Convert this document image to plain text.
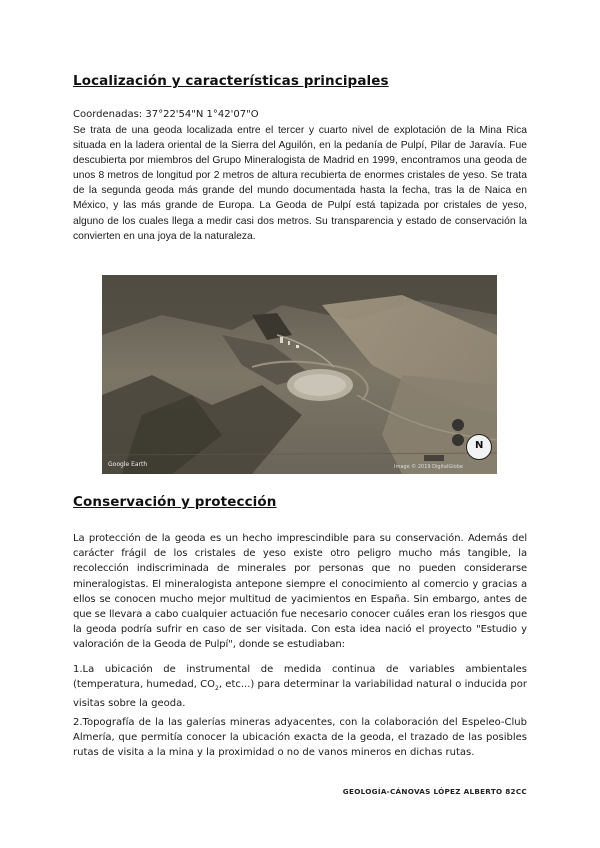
Localización y características principales

Coordenadas: 37°22'54"N 1°42'07"O

Se trata de una geoda localizada entre el tercer y cuarto nivel de explotación de la Mina Rica situada en la ladera oriental de la Sierra del Aguilón, en la pedanía de Pulpí, Pilar de Jaravía. Fue descubierta por miembros del Grupo Mineralogista de Madrid en 1999, encontramos una geoda de unos 8 metros de longitud por 2 metros de altura recubierta de enormes cristales de yeso. Se trata de la segunda geoda más grande del mundo documentada hasta la fecha, tras la de Naica en México, y las más grande de Europa. La Geoda de Pulpí está tapizada por cristales de yeso, alguno de los cuales llega a medir casi dos metros. Su transparencia y estado de conservación la convierten en una joya de la naturaleza.

Google Earth	Image © 2019 DigitalGlobe
N
Conservación y protección

La protección de la geoda es un hecho imprescindible para su conservación. Además del carácter frágil de los cristales de yeso existe otro peligro mucho más tangible, la recolección indiscriminada de minerales por personas que no pueden considerarse mineralogistas. El mineralogista antepone siempre el conocimiento al comercio y gracias a ellos se conocen mucho mejor multitud de yacimientos en España. Sin embargo, antes de que se llevara a cabo cualquier actuación fue necesario conocer cuáles eran los riesgos que la geoda podría sufrir en caso de ser visitada. Con esta idea nació el proyecto "Estudio y valoración de la Geoda de Pulpí", donde se estudiaban:

1.La ubicación de instrumental de medida continua de variables ambientales (temperatura, humedad, $CO_2$, etc...) para determinar la variabilidad natural o inducida por visitas sobre la geoda.

2.Topografía de la las galerías mineras adyacentes, con la colaboración del Espeleo-Club Almería, que permitía conocer la ubicación exacta de la geoda, el trazado de las posibles rutas de visita a la mina y la proximidad o no de vanos mineros en dichas rutas.

GEOLOGÍA-CÁNOVAS LÓPEZ ALBERTO 82CC
